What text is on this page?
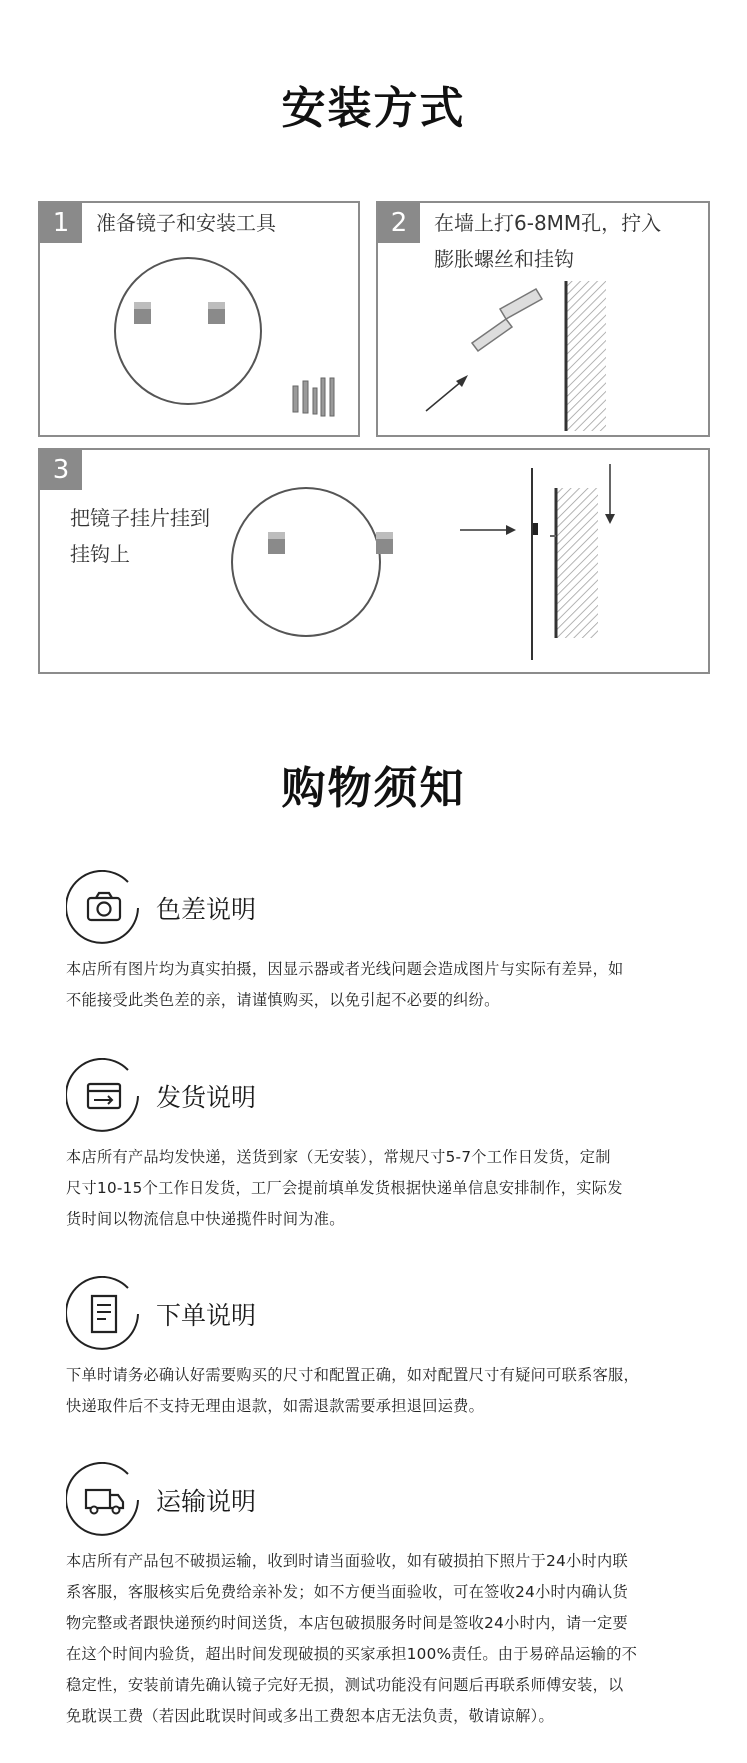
安装方式
1	准备镜子和安装工具	2	在墙上打6-8MM孔，拧入
膨胀螺丝和挂钩
3
把镜子挂片挂到
挂钩上
购物须知
色差说明
本店所有图片均为真实拍摄，因显示器或者光线问题会造成图片与实际有差异，如
不能接受此类色差的亲，请谨慎购买，以免引起不必要的纠纷。
发货说明
本店所有产品均发快递，送货到家（无安装），常规尺寸5-7个工作日发货，定制
尺寸10-15个工作日发货，工厂会提前填单发货根据快递单信息安排制作，实际发
货时间以物流信息中快递揽件时间为准。
下单说明
下单时请务必确认好需要购买的尺寸和配置正确，如对配置尺寸有疑问可联系客服，
快递取件后不支持无理由退款，如需退款需要承担退回运费。
运输说明
本店所有产品包不破损运输，收到时请当面验收，如有破损拍下照片于24小时内联
系客服，客服核实后免费给亲补发；如不方便当面验收，可在签收24小时内确认货
物完整或者跟快递预约时间送货，本店包破损服务时间是签收24小时内，请一定要
在这个时间内验货，超出时间发现破损的买家承担100%责任。由于易碎品运输的不
稳定性，安装前请先确认镜子完好无损，测试功能没有问题后再联系师傅安装，以
免耽误工费（若因此耽误时间或多出工费恕本店无法负责，敬请谅解）。
